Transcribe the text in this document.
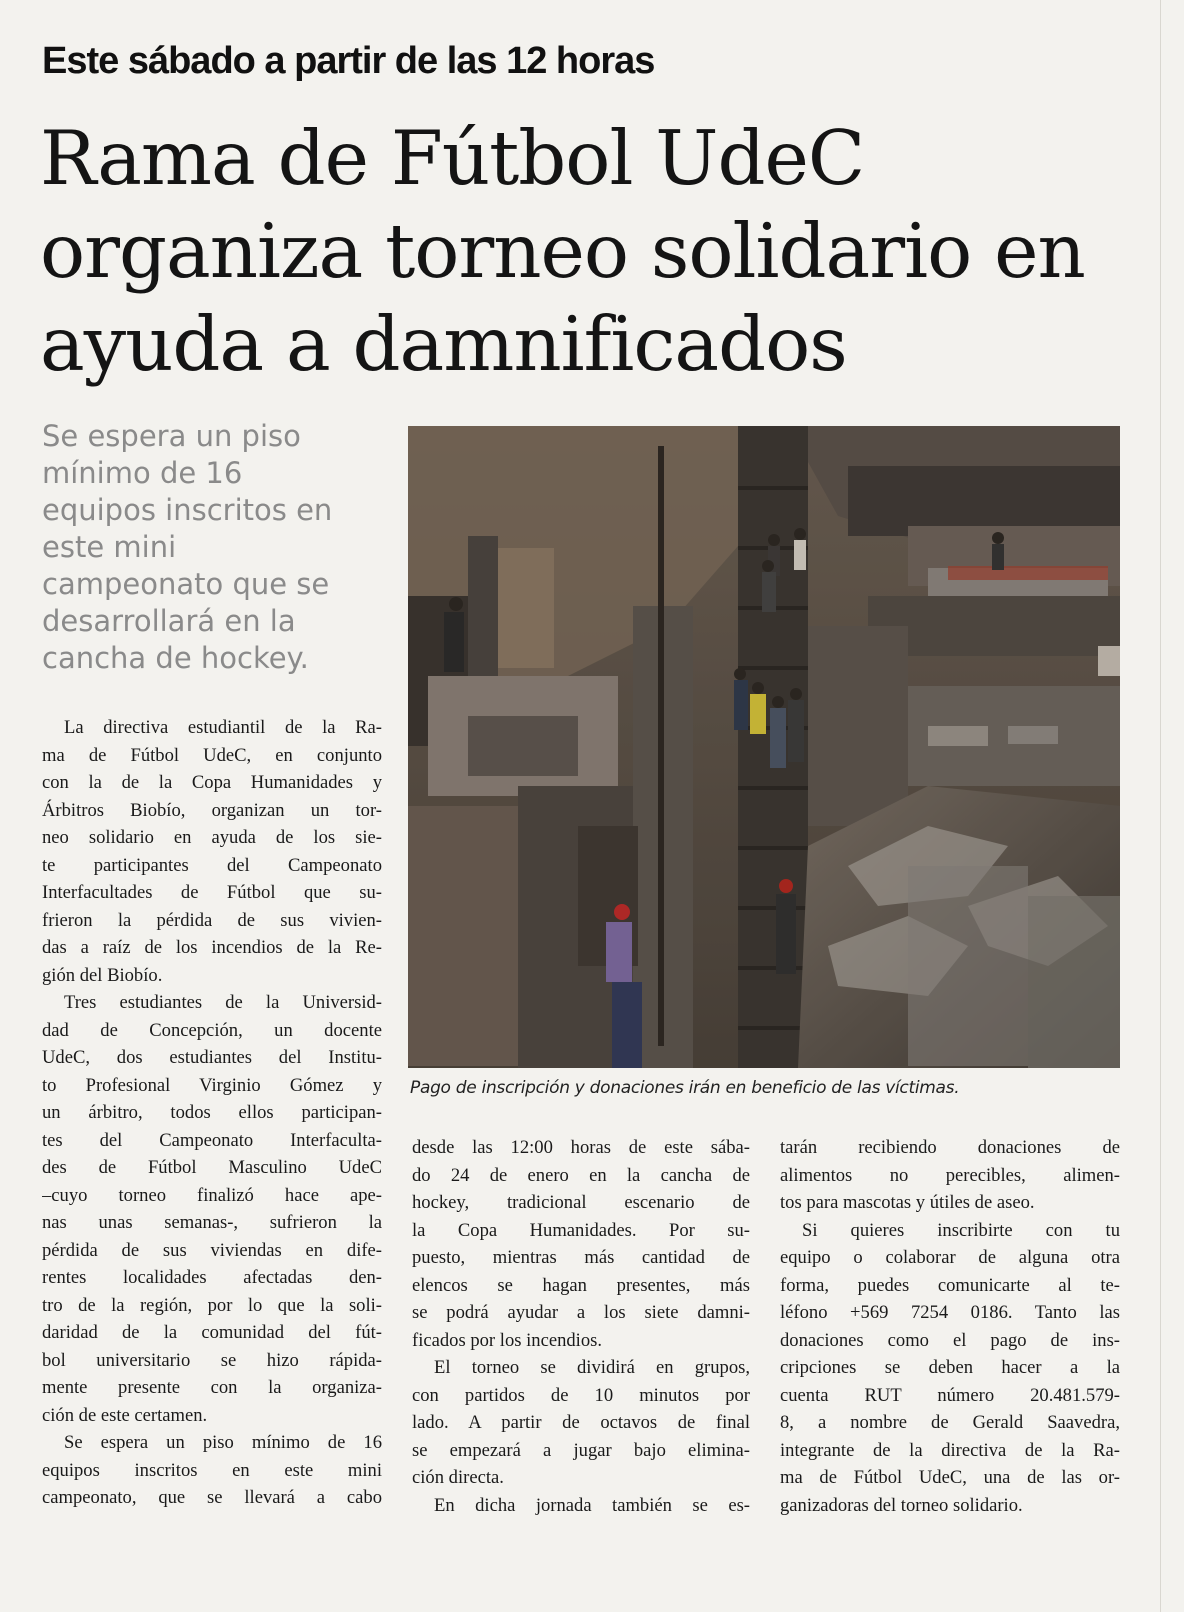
Este sábado a partir de las 12 horas
Rama de Fútbol UdeC
organiza torneo solidario en
ayuda a damnificados
Se espera un piso
mínimo de 16
equipos inscritos en
este mini
campeonato que se
desarrollará en la
cancha de hockey.
Pago de inscripción y donaciones irán en beneficio de las víctimas.
La directiva estudiantil de la Ra-
ma de Fútbol UdeC, en conjunto
con la de la Copa Humanidades y
Árbitros Biobío, organizan un tor-
neo solidario en ayuda de los sie-
te participantes del Campeonato
Interfacultades de Fútbol que su-
frieron la pérdida de sus vivien-
das a raíz de los incendios de la Re-
gión del Biobío.
Tres estudiantes de la Universid-
dad de Concepción, un docente
UdeC, dos estudiantes del Institu-
to Profesional Virginio Gómez y
un árbitro, todos ellos participan-
tes del Campeonato Interfaculta-
des de Fútbol Masculino UdeC
–cuyo torneo finalizó hace ape-
nas unas semanas-, sufrieron la
pérdida de sus viviendas en dife-
rentes localidades afectadas den-
tro de la región, por lo que la soli-
daridad de la comunidad del fút-
bol universitario se hizo rápida-
mente presente con la organiza-
ción de este certamen.
Se espera un piso mínimo de 16
equipos inscritos en este mini
campeonato, que se llevará a cabo
desde las 12:00 horas de este sába-
do 24 de enero en la cancha de
hockey, tradicional escenario de
la Copa Humanidades. Por su-
puesto, mientras más cantidad de
elencos se hagan presentes, más
se podrá ayudar a los siete damni-
ficados por los incendios.
El torneo se dividirá en grupos,
con partidos de 10 minutos por
lado. A partir de octavos de final
se empezará a jugar bajo elimina-
ción directa.
En dicha jornada también se es-
tarán recibiendo donaciones de
alimentos no perecibles, alimen-
tos para mascotas y útiles de aseo.
Si quieres inscribirte con tu
equipo o colaborar de alguna otra
forma, puedes comunicarte al te-
léfono +569 7254 0186. Tanto las
donaciones como el pago de ins-
cripciones se deben hacer a la
cuenta RUT número 20.481.579-
8, a nombre de Gerald Saavedra,
integrante de la directiva de la Ra-
ma de Fútbol UdeC, una de las or-
ganizadoras del torneo solidario.
